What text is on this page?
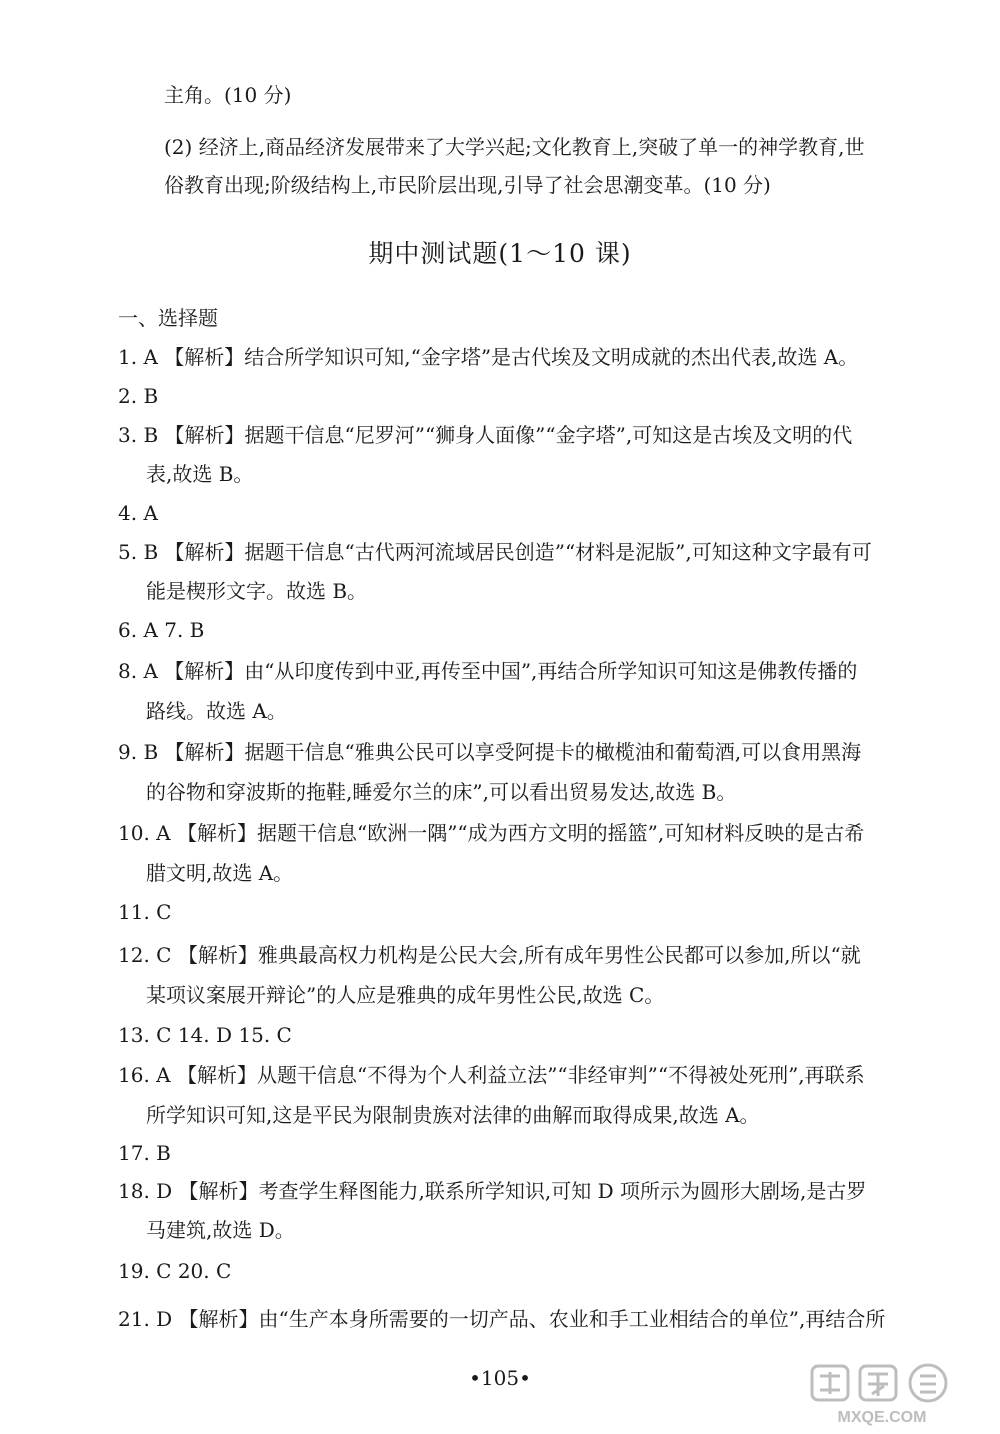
主角。(10 分)
(2) 经济上,商品经济发展带来了大学兴起;文化教育上,突破了单一的神学教育,世
俗教育出现;阶级结构上,市民阶层出现,引导了社会思潮变革。(10 分)
期中测试题(1～10 课)
一、选择题
1. A 【解析】结合所学知识可知,“金字塔”是古代埃及文明成就的杰出代表,故选 A。
2. B
3. B 【解析】据题干信息“尼罗河”“狮身人面像”“金字塔”,可知这是古埃及文明的代
表,故选 B。
4. A
5. B 【解析】据题干信息“古代两河流域居民创造”“材料是泥版”,可知这种文字最有可
能是楔形文字。故选 B。
6. A 7. B
8. A 【解析】由“从印度传到中亚,再传至中国”,再结合所学知识可知这是佛教传播的
路线。故选 A。
9. B 【解析】据题干信息“雅典公民可以享受阿提卡的橄榄油和葡萄酒,可以食用黑海
的谷物和穿波斯的拖鞋,睡爱尔兰的床”,可以看出贸易发达,故选 B。
10. A 【解析】据题干信息“欧洲一隅”“成为西方文明的摇篮”,可知材料反映的是古希
腊文明,故选 A。
11. C
12. C 【解析】雅典最高权力机构是公民大会,所有成年男性公民都可以参加,所以“就
某项议案展开辩论”的人应是雅典的成年男性公民,故选 C。
13. C 14. D 15. C
16. A 【解析】从题干信息“不得为个人利益立法”“非经审判”“不得被处死刑”,再联系
所学知识可知,这是平民为限制贵族对法律的曲解而取得成果,故选 A。
17. B
18. D 【解析】考查学生释图能力,联系所学知识,可知 D 项所示为圆形大剧场,是古罗
马建筑,故选 D。
19. C 20. C
21. D 【解析】由“生产本身所需要的一切产品、农业和手工业相结合的单位”,再结合所
•105•
MXQE.COM
